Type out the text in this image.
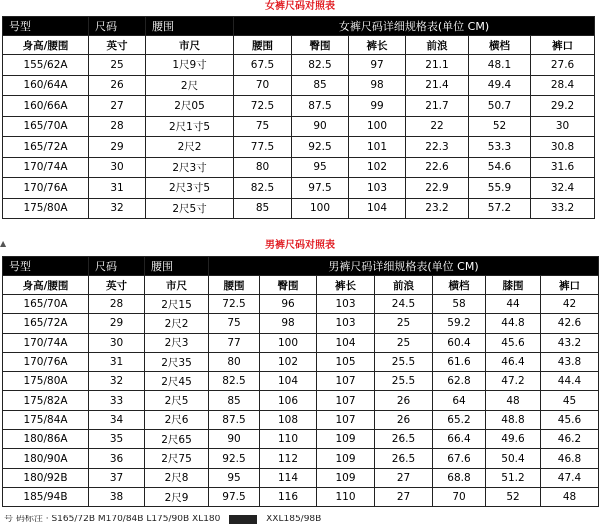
女裤尺码对照表
号型	尺码	腰围	女裤尺码详细规格表(单位 CM)					
身高/腰围	英寸	市尺	腰围	臀围	裤长	前浪	横档	裤口
155/62A	25	1尺9寸	67.5	82.5	97	21.1	48.1	27.6
160/64A	26	2尺	70	85	98	21.4	49.4	28.4
160/66A	27	2尺05	72.5	87.5	99	21.7	50.7	29.2
165/70A	28	2尺1寸5	75	90	100	22	52	30
165/72A	29	2尺2	77.5	92.5	101	22.3	53.3	30.8
170/74A	30	2尺3寸	80	95	102	22.6	54.6	31.6
170/76A	31	2尺3寸5	82.5	97.5	103	22.9	55.9	32.4
175/80A	32	2尺5寸	85	100	104	23.2	57.2	33.2
▲	男裤尺码对照表
号型	尺码	腰围	男裤尺码详细规格表(单位 CM)						
身高/腰围	英寸	市尺	腰围	臀围	裤长	前浪	横档	膝围	裤口
165/70A	28	2尺15	72.5	96	103	24.5	58	44	42
165/72A	29	2尺2	75	98	103	25	59.2	44.8	42.6
170/74A	30	2尺3	77	100	104	25	60.4	45.6	43.2
170/76A	31	2尺35	80	102	105	25.5	61.6	46.4	43.8
175/80A	32	2尺45	82.5	104	107	25.5	62.8	47.2	44.4
175/82A	33	2尺5	85	106	107	26	64	48	45
175/84A	34	2尺6	87.5	108	107	26	65.2	48.8	45.6
180/86A	35	2尺65	90	110	109	26.5	66.4	49.6	46.2
180/90A	36	2尺75	92.5	112	109	26.5	67.6	50.4	46.8
180/92B	37	2尺8	95	114	109	27	68.8	51.2	47.4
185/94B	38	2尺9	97.5	116	110	27	70	52	48
号 码标注 · S165/72B M170/84B L175/90B XL180	XXL185/98B
